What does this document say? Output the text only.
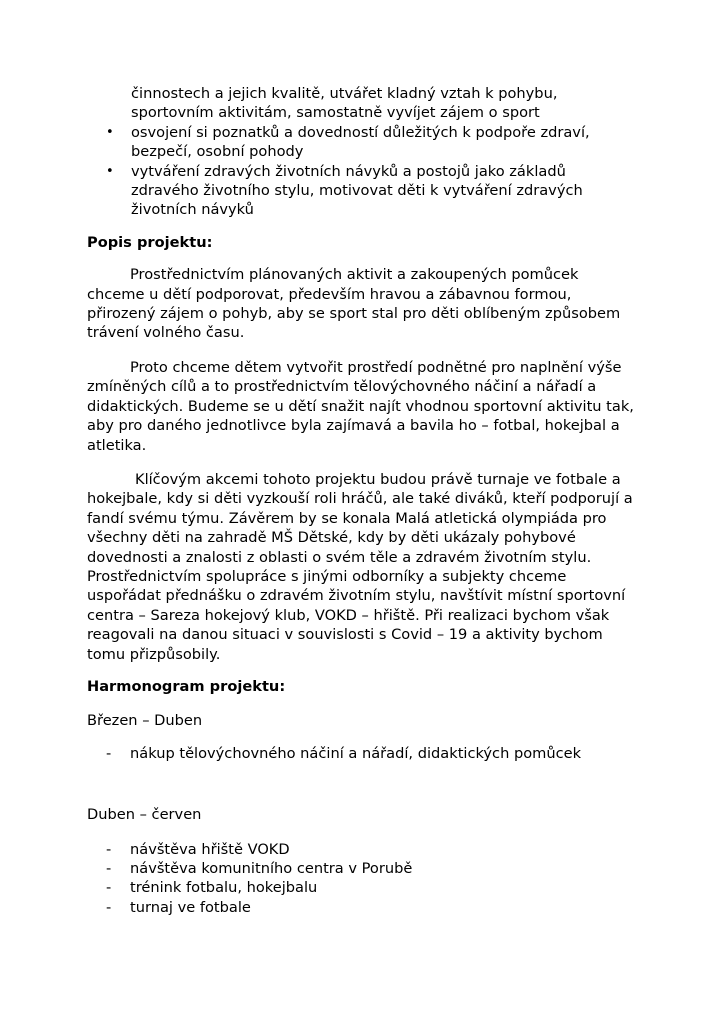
činnostech a jejich kvalitě, utvářet kladný vztah k pohybu,
sportovním aktivitám, samostatně vyvíjet zájem o sport
• osvojení si poznatků a dovedností důležitých k podpoře zdraví,
bezpečí, osobní pohody
• vytváření zdravých životních návyků a postojů jako základů
zdravého životního stylu, motivovat děti k vytváření zdravých
životních návyků
Popis projektu:
Prostřednictvím plánovaných aktivit a zakoupených pomůcek
chceme u dětí podporovat, především hravou a zábavnou formou,
přirozený zájem o pohyb, aby se sport stal pro děti oblíbeným způsobem
trávení volného času.
Proto chceme dětem vytvořit prostředí podnětné pro naplnění výše
zmíněných cílů a to prostřednictvím tělovýchovného náčiní a nářadí a
didaktických. Budeme se u dětí snažit najít vhodnou sportovní aktivitu tak,
aby pro daného jednotlivce byla zajímavá a bavila ho – fotbal, hokejbal a
atletika.
Klíčovým akcemi tohoto projektu budou právě turnaje ve fotbale a
hokejbale, kdy si děti vyzkouší roli hráčů, ale také diváků, kteří podporují a
fandí svému týmu. Závěrem by se konala Malá atletická olympiáda pro
všechny děti na zahradě MŠ Dětské, kdy by děti ukázaly pohybové
dovednosti a znalosti z oblasti o svém těle a zdravém životním stylu.
Prostřednictvím spolupráce s jinými odborníky a subjekty chceme
uspořádat přednášku o zdravém životním stylu, navštívit místní sportovní
centra – Sareza hokejový klub, VOKD – hřiště. Při realizaci bychom však
reagovali na danou situaci v souvislosti s Covid – 19 a aktivity bychom
tomu přizpůsobily.
Harmonogram projektu:
Březen – Duben
- nákup tělovýchovného náčiní a nářadí, didaktických pomůcek
Duben – červen
- návštěva hřiště VOKD
- návštěva komunitního centra v Porubě
- trénink fotbalu, hokejbalu
- turnaj ve fotbale
